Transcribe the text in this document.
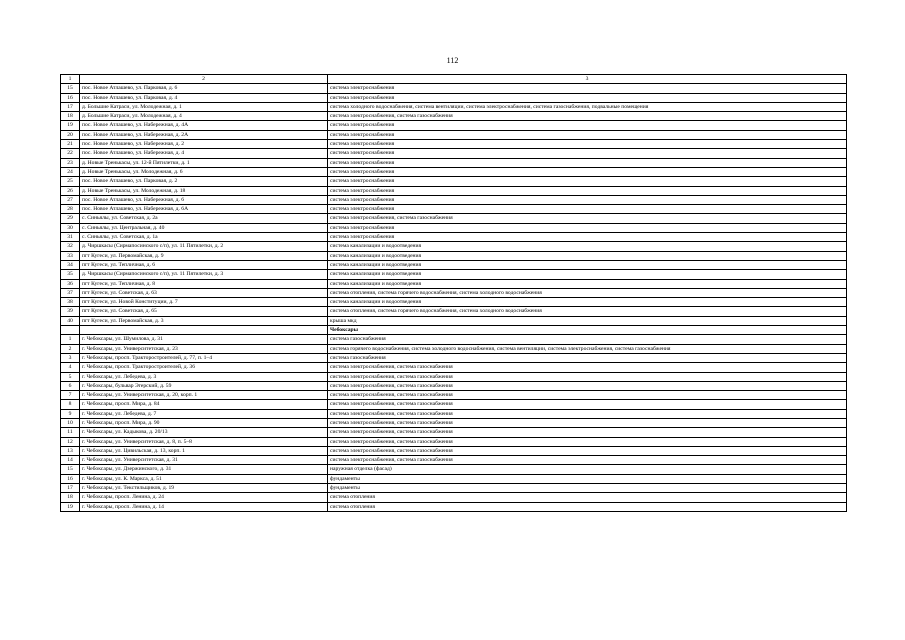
112
1	2	3
15	пос. Новое Атлашево, ул. Парковая, д. 6	система электроснабжения
16	пос. Новое Атлашево, ул. Парковая, д. 4	система электроснабжения
17	д. Большие Катраси, ул. Молодежная, д. 1	система холодного водоснабжения, система вентиляции, система электроснабжения, система газоснабжения, подвальные помещения
18	д. Большие Катраси, ул. Молодежная, д. 4	система электроснабжения, система газоснабжения
19	пос. Новое Атлашево, ул. Набережная, д. 4А	система электроснабжения
20	пос. Новое Атлашево, ул. Набережная, д. 2А	система электроснабжения
21	пос. Новое Атлашево, ул. Набережная, д. 2	система электроснабжения
22	пос. Новое Атлашево, ул. Набережная, д. 4	система электроснабжения
23	д. Новые Тренькасы, ул. 12-й Пятилетки, д. 1	система электроснабжения
24	д. Новые Тренькасы, ул. Молодежная, д. 6	система электроснабжения
25	пос. Новое Атлашево, ул. Парковая, д. 2	система электроснабжения
26	д. Новые Тренькасы, ул. Молодежная, д. 18	система электроснабжения
27	пос. Новое Атлашево, ул. Набережная, д. 6	система электроснабжения
28	пос. Новое Атлашево, ул. Набережная, д. 6А	система электроснабжения
29	с. Синьялы, ул. Советская, д. 2а	система электроснабжения, система газоснабжения
30	с. Синьялы, ул. Центральная, д. 40	система электроснабжения
31	с. Синьялы, ул. Советская, д. 1а	система электроснабжения
32	д. Чиршкасы (Сирмапосинского с/п), ул. 11 Пятилетки, д. 2	система канализации и водоотведения
33	пгт Кугеси, ул. Первомайская, д. 9	система канализации и водоотведения
34	пгт Кугеси, ул. Тепличная, д. 6	система канализации и водоотведения
35	д. Чиршкасы (Сирмапосинского с/п), ул. 11 Пятилетки, д. 3	система канализации и водоотведения
36	пгт Кугеси, ул. Тепличная, д. 8	система канализации и водоотведения
37	пгт Кугеси, ул. Советская, д. 63	система отопления, система горячего водоснабжения, система холодного водоснабжения
38	пгт Кугеси, ул. Новой Конституции, д. 7	система канализации и водоотведения
39	пгт Кугеси, ул. Советская, д. 65	система отопления, система горячего водоснабжения, система холодного водоснабжения
40	пгт Кугеси, ул. Первомайская, д. 3	крыша мкд
		Чебоксары
1	г. Чебоксары, ул. Шумилова, д. 31	система газоснабжения
2	г. Чебоксары, ул. Университетская, д. 23	система горячего водоснабжения, система холодного водоснабжения, система вентиляции, система электроснабжения, система газоснабжения
3	г. Чебоксары, просп. Тракторостроителей, д. 77, п. 1–4	система газоснабжения
4	г. Чебоксары, просп. Тракторостроителей, д. 36	система электроснабжения, система газоснабжения
5	г. Чебоксары, ул. Лебедева, д. 3	система электроснабжения, система газоснабжения
6	г. Чебоксары, бульвар Эгерский, д. 59	система электроснабжения, система газоснабжения
7	г. Чебоксары, ул. Университетская, д. 20, корп. 1	система электроснабжения, система газоснабжения
8	г. Чебоксары, просп. Мира, д. 84	система электроснабжения, система газоснабжения
9	г. Чебоксары, ул. Лебедева, д. 7	система электроснабжения, система газоснабжения
10	г. Чебоксары, просп. Мира, д. 90	система электроснабжения, система газоснабжения
11	г. Чебоксары, ул. Кадыкова, д. 20/13	система электроснабжения, система газоснабжения
12	г. Чебоксары, ул. Университетская, д. 8, п. 5–8	система электроснабжения, система газоснабжения
13	г. Чебоксары, ул. Цивильская, д. 13, корп. 1	система электроснабжения, система газоснабжения
14	г. Чебоксары, ул. Университетская, д. 31	система электроснабжения, система газоснабжения
15	г. Чебоксары, ул. Дзержинского, д. 31	наружная отделка (фасад)
16	г. Чебоксары, ул. К. Маркса, д. 51	фундаменты
17	г. Чебоксары, ул. Текстильщиков, д. 19	фундаменты
18	г. Чебоксары, просп. Ленина, д. 24	система отопления
19	г. Чебоксары, просп. Ленина, д. 14	система отопления
